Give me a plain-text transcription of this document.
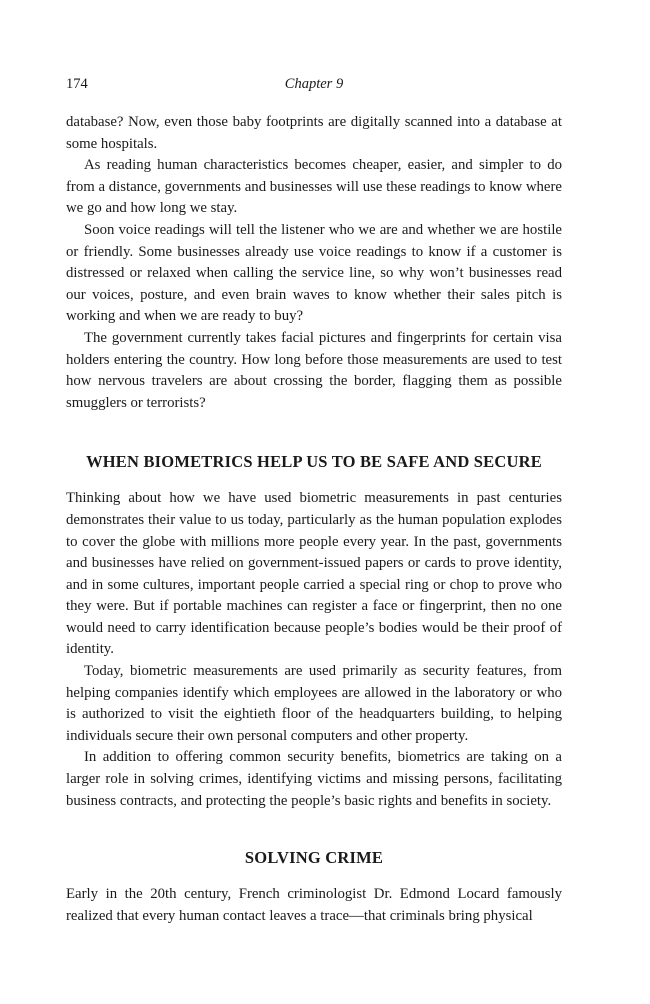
174	Chapter 9

database? Now, even those baby footprints are digitally scanned into a database at some hospitals.

As reading human characteristics becomes cheaper, easier, and simpler to do from a distance, governments and businesses will use these readings to know where we go and how long we stay.

Soon voice readings will tell the listener who we are and whether we are hostile or friendly. Some businesses already use voice readings to know if a customer is distressed or relaxed when calling the service line, so why won’t businesses read our voices, posture, and even brain waves to know whether their sales pitch is working and when we are ready to buy?

The government currently takes facial pictures and fingerprints for certain visa holders entering the country. How long before those measurements are used to test how nervous travelers are about crossing the border, flagging them as possible smugglers or terrorists?

WHEN BIOMETRICS HELP US TO BE SAFE AND SECURE

Thinking about how we have used biometric measurements in past centuries demonstrates their value to us today, particularly as the human population explodes to cover the globe with millions more people every year. In the past, governments and businesses have relied on government-issued papers or cards to prove identity, and in some cultures, important people carried a special ring or chop to prove who they were. But if portable machines can register a face or fingerprint, then no one would need to carry identification because people’s bodies would be their proof of identity.

Today, biometric measurements are used primarily as security features, from helping companies identify which employees are allowed in the laboratory or who is authorized to visit the eightieth floor of the headquarters building, to helping individuals secure their own personal computers and other property.

In addition to offering common security benefits, biometrics are taking on a larger role in solving crimes, identifying victims and missing persons, facilitating business contracts, and protecting the people’s basic rights and benefits in society.

SOLVING CRIME

Early in the 20th century, French criminologist Dr. Edmond Locard famously realized that every human contact leaves a trace—that criminals bring physical
